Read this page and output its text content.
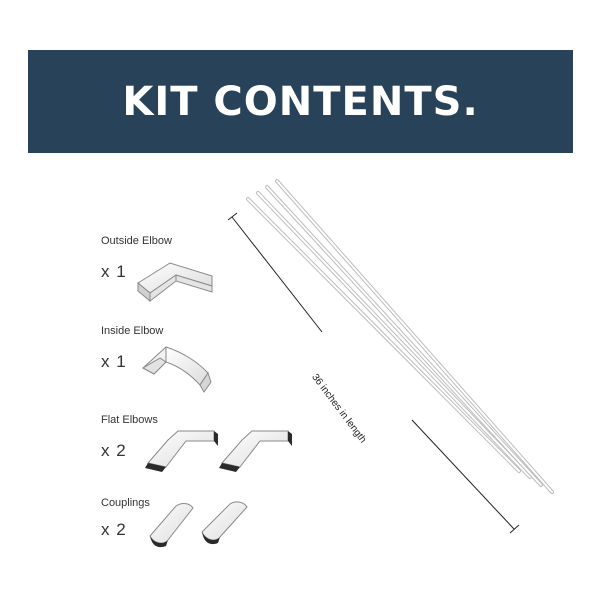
KIT CONTENTS.
Outside Elbow
x 1
Inside Elbow
x 1
Flat Elbows
x 2
Couplings
x 2
36 inches in length
